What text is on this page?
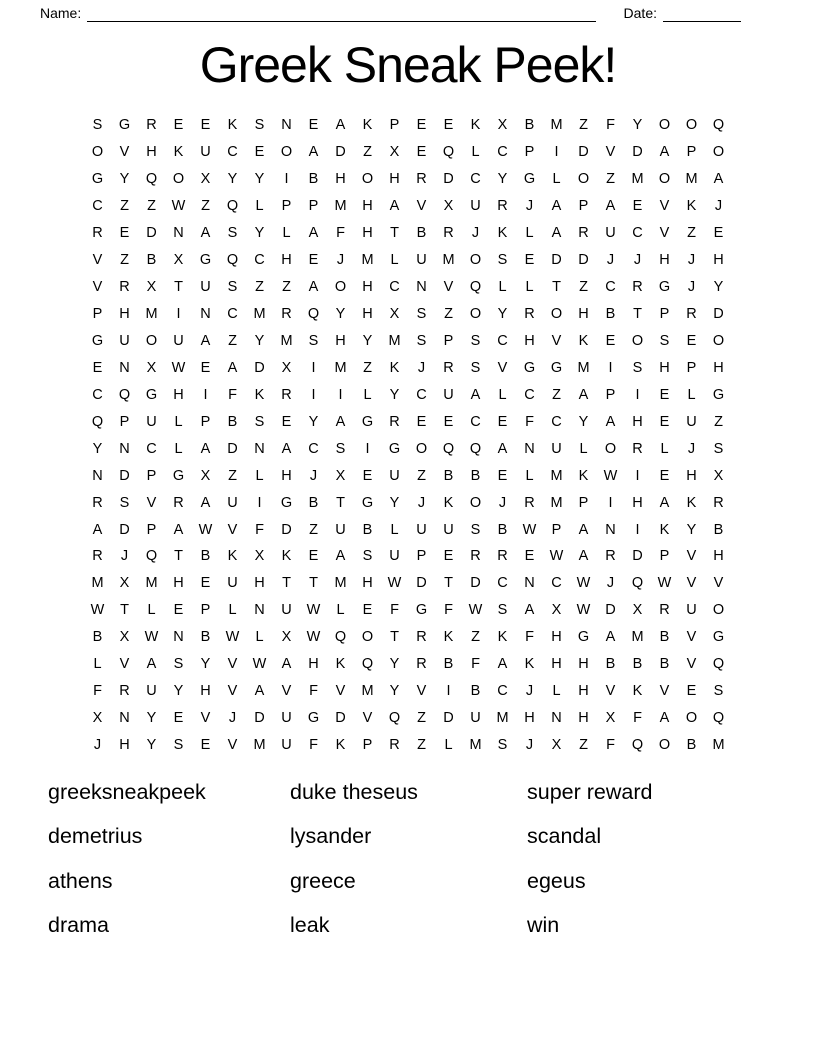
Name:	Date:
Greek Sneak Peek!
S	G	R	E	E	K	S	N	E	A	K	P	E	E	K	X	B	M	Z	F	Y	O	O	Q
O	V	H	K	U	C	E	O	A	D	Z	X	E	Q	L	C	P	I	D	V	D	A	P	O
G	Y	Q	O	X	Y	Y	I	B	H	O	H	R	D	C	Y	G	L	O	Z	M	O	M	A
C	Z	Z	W	Z	Q	L	P	P	M	H	A	V	X	U	R	J	A	P	A	E	V	K	J
R	E	D	N	A	S	Y	L	A	F	H	T	B	R	J	K	L	A	R	U	C	V	Z	E
V	Z	B	X	G	Q	C	H	E	J	M	L	U	M	O	S	E	D	D	J	J	H	J	H
V	R	X	T	U	S	Z	Z	A	O	H	C	N	V	Q	L	L	T	Z	C	R	G	J	Y
P	H	M	I	N	C	M	R	Q	Y	H	X	S	Z	O	Y	R	O	H	B	T	P	R	D
G	U	O	U	A	Z	Y	M	S	H	Y	M	S	P	S	C	H	V	K	E	O	S	E	O
E	N	X	W	E	A	D	X	I	M	Z	K	J	R	S	V	G	G	M	I	S	H	P	H
C	Q	G	H	I	F	K	R	I	I	L	Y	C	U	A	L	C	Z	A	P	I	E	L	G
Q	P	U	L	P	B	S	E	Y	A	G	R	E	E	C	E	F	C	Y	A	H	E	U	Z
Y	N	C	L	A	D	N	A	C	S	I	G	O	Q	Q	A	N	U	L	O	R	L	J	S
N	D	P	G	X	Z	L	H	J	X	E	U	Z	B	B	E	L	M	K	W	I	E	H	X
R	S	V	R	A	U	I	G	B	T	G	Y	J	K	O	J	R	M	P	I	H	A	K	R
A	D	P	A	W	V	F	D	Z	U	B	L	U	U	S	B	W	P	A	N	I	K	Y	B
R	J	Q	T	B	K	X	K	E	A	S	U	P	E	R	R	E	W	A	R	D	P	V	H
M	X	M	H	E	U	H	T	T	M	H	W	D	T	D	C	N	C	W	J	Q	W	V	V
W	T	L	E	P	L	N	U	W	L	E	F	G	F	W	S	A	X	W	D	X	R	U	O
B	X	W	N	B	W	L	X	W	Q	O	T	R	K	Z	K	F	H	G	A	M	B	V	G
L	V	A	S	Y	V	W	A	H	K	Q	Y	R	B	F	A	K	H	H	B	B	B	V	Q
F	R	U	Y	H	V	A	V	F	V	M	Y	V	I	B	C	J	L	H	V	K	V	E	S
X	N	Y	E	V	J	D	U	G	D	V	Q	Z	D	U	M	H	N	H	X	F	A	O	Q
J	H	Y	S	E	V	M	U	F	K	P	R	Z	L	M	S	J	X	Z	F	Q	O	B	M
greeksneakpeek
demetrius
athens
drama
duke theseus
lysander
greece
leak
super reward
scandal
egeus
win
